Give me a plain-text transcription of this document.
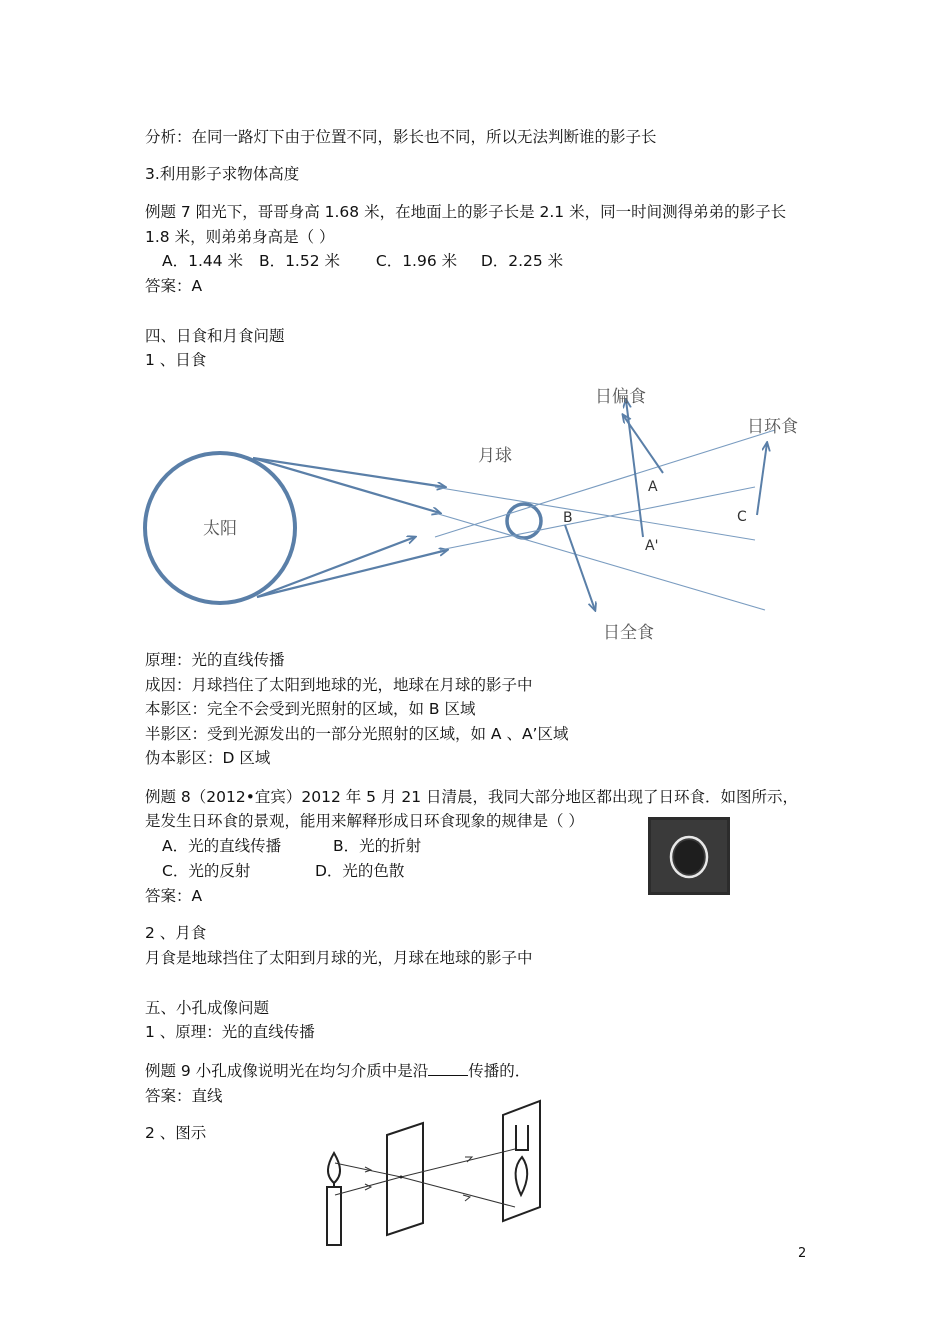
分析：在同一路灯下由于位置不同，影长也不同，所以无法判断谁的影子长
3.利用影子求物体高度
例题 7 阳光下，哥哥身高 1.68 米，在地面上的影子长是 2.1 米，同一时间测得弟弟的影子长
1.8 米，则弟弟身高是（ ）
A．1.44 米 B．1.52 米 C．1.96 米 D．2.25 米
答案：A
四、日食和月食问题
1 、日食
太阳
月球
日偏食
日环食
日全食
A
A'
B	C
原理：光的直线传播
成因：月球挡住了太阳到地球的光，地球在月球的影子中
本影区：完全不会受到光照射的区域，如 B 区域
半影区：受到光源发出的一部分光照射的区域，如 A 、A’区域
伪本影区：D 区域
例题 8（2012•宜宾）2012 年 5 月 21 日清晨，我同大部分地区都出现了日环食．如图所示，
是发生日环食的景观，能用来解释形成日环食现象的规律是（ ）
A．光的直线传播	B．光的折射
C．光的反射	D．光的色散
答案：A
2 、月食
月食是地球挡住了太阳到月球的光，月球在地球的影子中
五、小孔成像问题
1 、原理：光的直线传播
例题 9 小孔成像说明光在均匀介质中是沿	传播的．
答案：直线
2 、图示
2
